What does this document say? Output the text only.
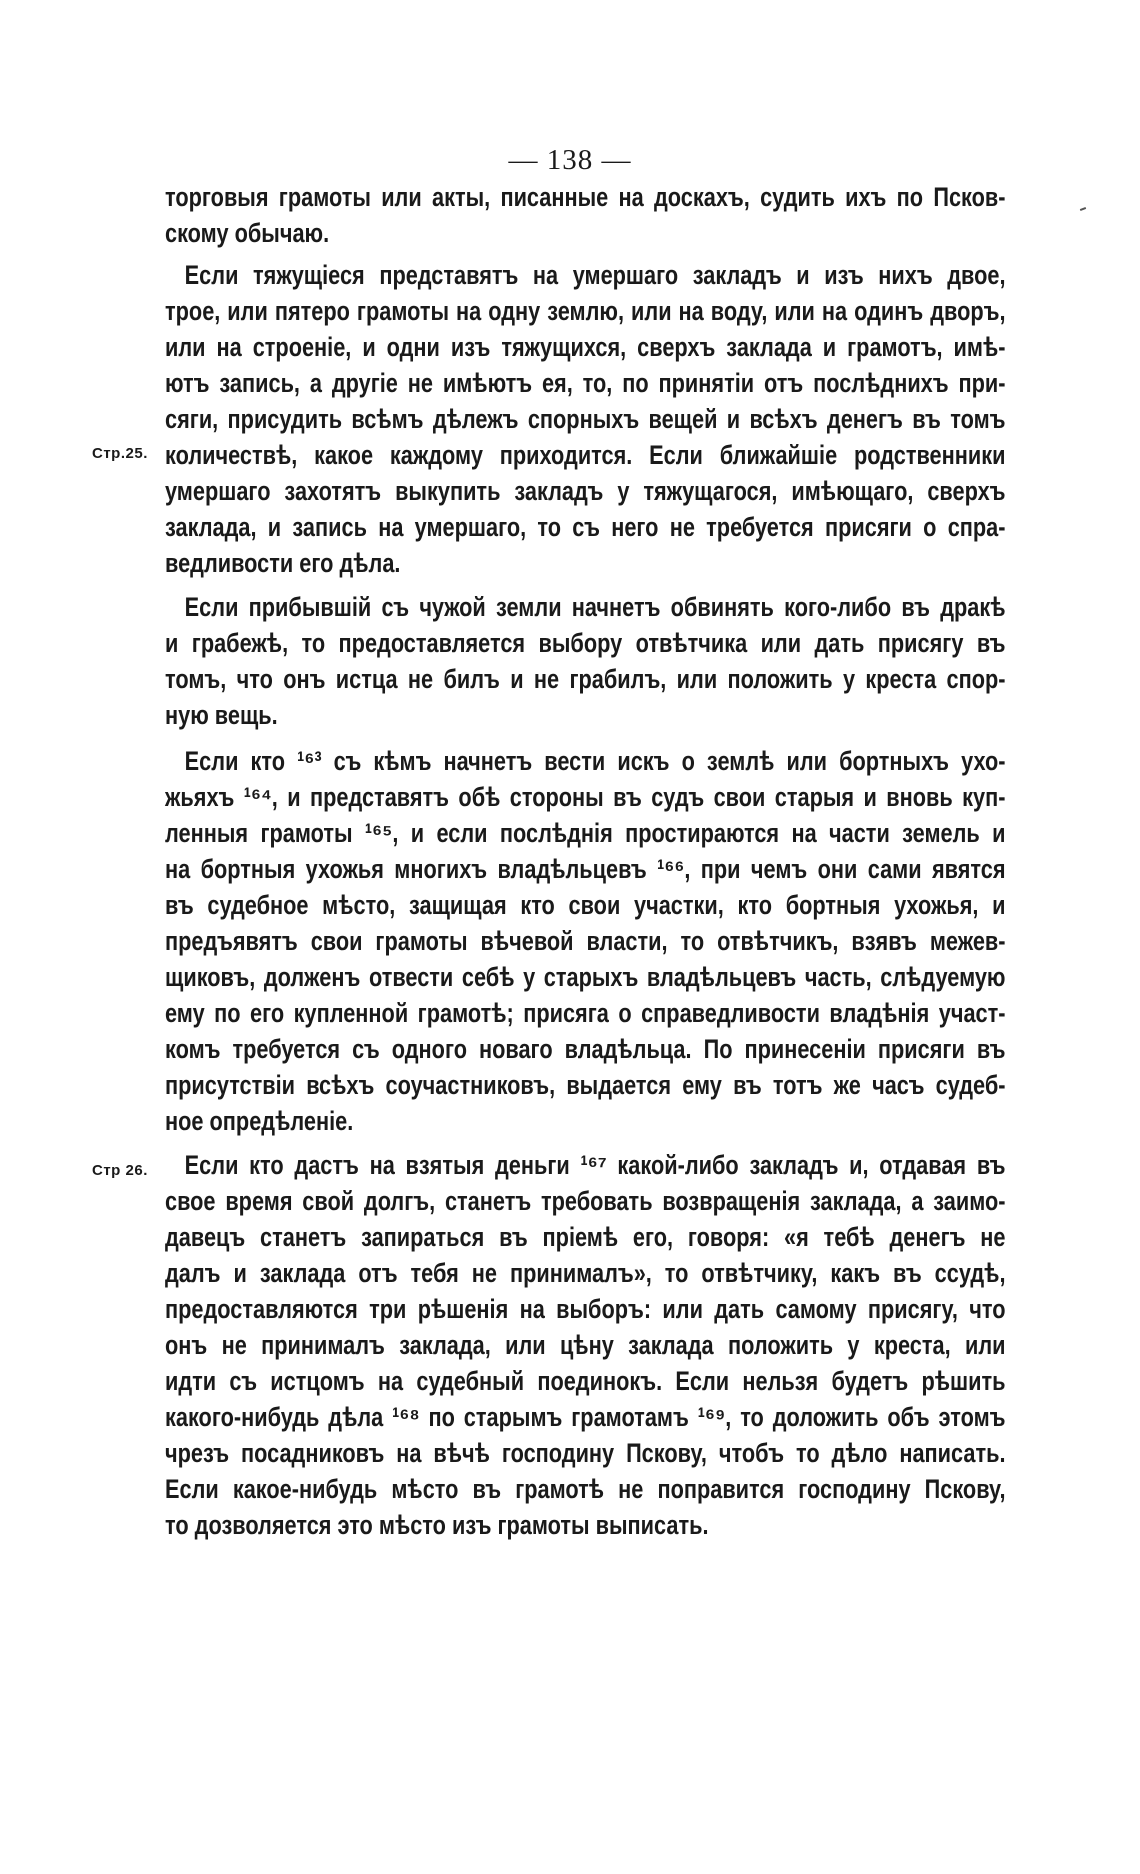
— 138 —
Стр.25.
Стр 26.
торговыя грамоты или акты, писанные на доскахъ, судить ихъ по Псков-
скому обычаю.
Если тяжущіеся представятъ на умершаго закладъ и изъ нихъ двое,
трое, или пятеро грамоты на одну землю, или на воду, или на одинъ дворъ,
или на строеніе, и одни изъ тяжущихся, сверхъ заклада и грамотъ, имѣ-
ютъ запись, а другіе не имѣютъ ея, то, по принятіи отъ послѣднихъ при-
сяги, присудить всѣмъ дѣлежъ спорныхъ вещей и всѣхъ денегъ въ томъ
количествѣ, какое каждому приходится. Если ближайшіе родственники
умершаго захотятъ выкупить закладъ у тяжущагося, имѣющаго, сверхъ
заклада, и запись на умершаго, то съ него не требуется присяги о спра-
ведливости его дѣла.
Если прибывшій съ чужой земли начнетъ обвинять кого-либо въ дракѣ
и грабежѣ, то предоставляется выбору отвѣтчика или дать присягу въ
томъ, что онъ истца не билъ и не грабилъ, или положить у креста спор-
ную вещь.
Если кто ¹⁶³ съ кѣмъ начнетъ вести искъ о землѣ или бортныхъ ухо-
жьяхъ ¹⁶⁴, и представятъ обѣ стороны въ судъ свои старыя и вновь куп-
ленныя грамоты ¹⁶⁵, и если послѣднія простираются на части земель и
на бортныя ухожья многихъ владѣльцевъ ¹⁶⁶, при чемъ они сами явятся
въ судебное мѣсто, защищая кто свои участки, кто бортныя ухожья, и
предъявятъ свои грамоты вѣчевой власти, то отвѣтчикъ, взявъ межев-
щиковъ, долженъ отвести себѣ у старыхъ владѣльцевъ часть, слѣдуемую
ему по его купленной грамотѣ; присяга о справедливости владѣнія участ-
комъ требуется съ одного новаго владѣльца. По принесеніи присяги въ
присутствіи всѣхъ соучастниковъ, выдается ему въ тотъ же часъ судеб-
ное опредѣленіе.
Если кто дастъ на взятыя деньги ¹⁶⁷ какой-либо закладъ и, отдавая въ
свое время свой долгъ, станетъ требовать возвращенія заклада, а заимо-
давецъ станетъ запираться въ пріемѣ его, говоря: «я тебѣ денегъ не
далъ и заклада отъ тебя не принималъ», то отвѣтчику, какъ въ ссудѣ,
предоставляются три рѣшенія на выборъ: или дать самому присягу, что
онъ не принималъ заклада, или цѣну заклада положить у креста, или
идти съ истцомъ на судебный поединокъ. Если нельзя будетъ рѣшить
какого-нибудь дѣла ¹⁶⁸ по старымъ грамотамъ ¹⁶⁹, то доложить объ этомъ
чрезъ посадниковъ на вѣчѣ господину Пскову, чтобъ то дѣло написать.
Если какое-нибудь мѣсто въ грамотѣ не поправится господину Пскову,
то дозволяется это мѣсто изъ грамоты выписать.
